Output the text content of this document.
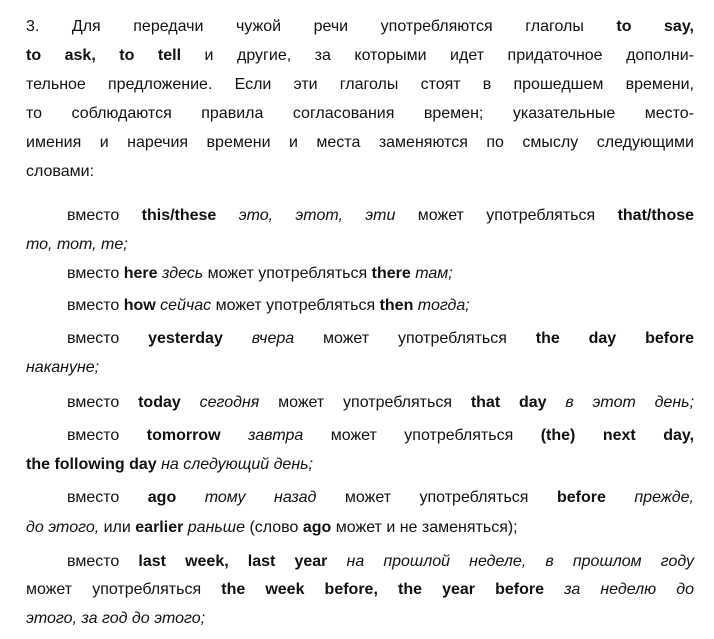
3. Для передачи чужой речи употребляются глаголы to say,
to ask, to tell и другие, за которыми идет придаточное дополни-
тельное предложение. Если эти глаголы стоят в прошедшем времени,
то соблюдаются правила согласования времен; указательные место-
имения и наречия времени и места заменяются по смыслу следующими
словами:
вместо this/these это, этот, эти может употребляться that/those
то, тот, те;
вместо here здесь может употребляться there там;
вместо how сейчас может употребляться then тогда;
вместо yesterday вчера может употребляться the day before
накануне;
вместо today сегодня может употребляться that day в этот день;
вместо tomorrow завтра может употребляться (the) next day,
the following day на следующий день;
вместо ago тому назад может употребляться before прежде,
до этого, или earlier раньше (слово ago может и не заменяться);
вместо last week, last year на прошлой неделе, в прошлом году
может употребляться the week before, the year before за неделю до
этого, за год до этого;
